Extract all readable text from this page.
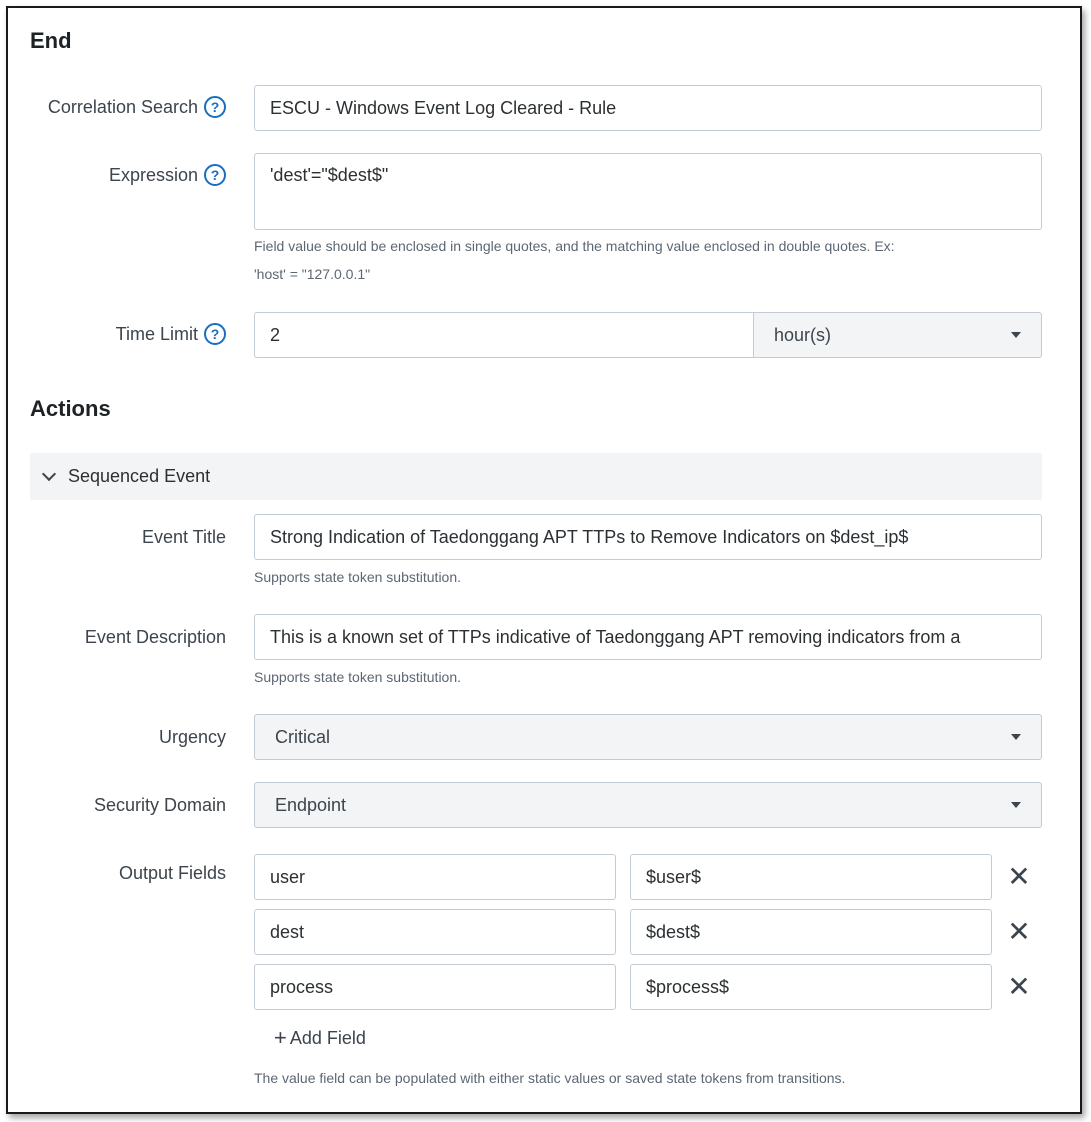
End
Correlation Search ?	ESCU - Windows Event Log Cleared - Rule
Expression ?	'dest'="$dest$"
Field value should be enclosed in single quotes, and the matching value enclosed in double quotes. Ex:
'host' = "127.0.0.1"
Time Limit ?	2	hour(s)
Actions
Sequenced Event
Event Title	Strong Indication of Taedonggang APT TTPs to Remove Indicators on $dest_ip$
Supports state token substitution.
Event Description	This is a known set of TTPs indicative of Taedonggang APT removing indicators from a
Supports state token substitution.
Urgency	Critical
Security Domain	Endpoint
Output Fields	user	$user$	✕
dest	$dest$	✕
process	$process$	✕
+ Add Field
The value field can be populated with either static values or saved state tokens from transitions.
